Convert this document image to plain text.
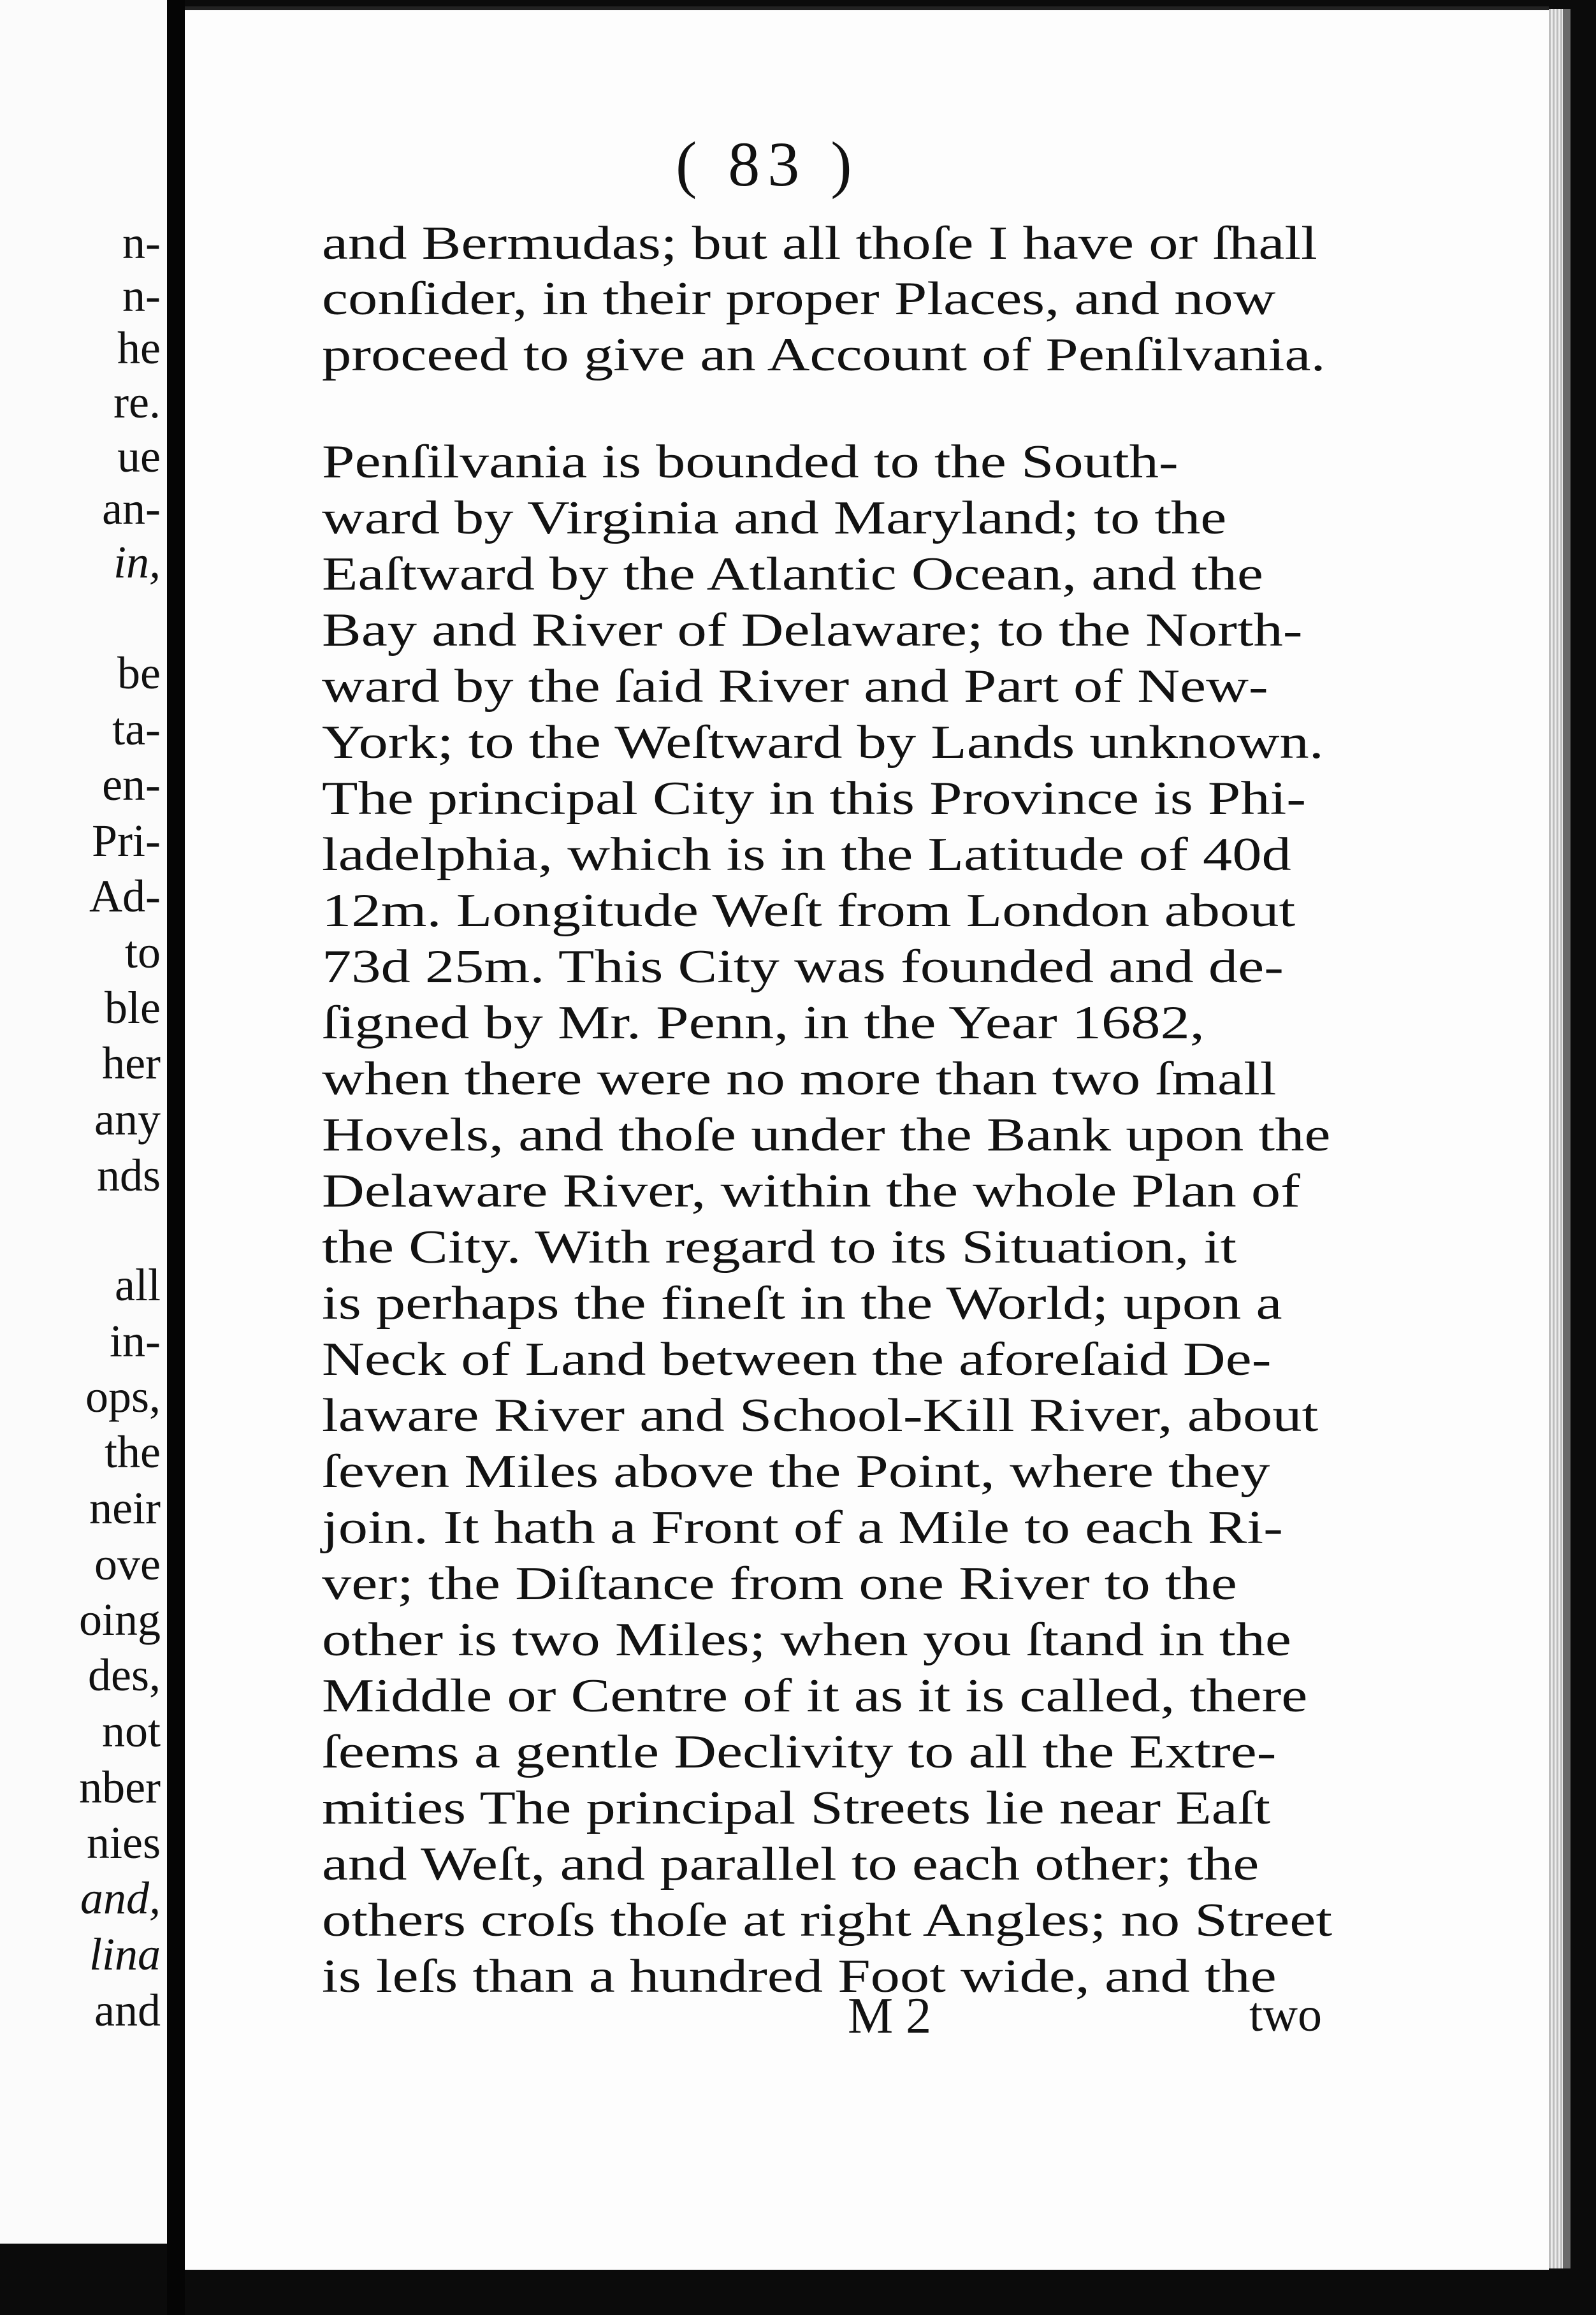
n-
n-
he
re.
ue
an-
in,
be
ta-
en-
Pri-
Ad-
to
ble
her
any
nds
all
in-
ops,
the
neir
ove
oing
des,
not
nber
nies
and,
lina
and
( 83 )
and Bermudas; but all thoſe I have or ſhall
conſider, in their proper Places, and now
proceed to give an Account of Penſilvania.
Penſilvania is bounded to the South-
ward by Virginia and Maryland; to the
Eaſtward by the Atlantic Ocean, and the
Bay and River of Delaware; to the North-
ward by the ſaid River and Part of New-
York; to the Weſtward by Lands unknown.
The principal City in this Province is Phi-
ladelphia, which is in the Latitude of 40d
12m. Longitude Weſt from London about
73d 25m. This City was founded and de-
ſigned by Mr. Penn, in the Year 1682,
when there were no more than two ſmall
Hovels, and thoſe under the Bank upon the
Delaware River, within the whole Plan of
the City. With regard to its Situation, it
is perhaps the fineſt in the World; upon a
Neck of Land between the aforeſaid De-
laware River and School-Kill River, about
ſeven Miles above the Point, where they
join. It hath a Front of a Mile to each Ri-
ver; the Diſtance from one River to the
other is two Miles; when you ſtand in the
Middle or Centre of it as it is called, there
ſeems a gentle Declivity to all the Extre-
mities The principal Streets lie near Eaſt
and Weſt, and parallel to each other; the
others croſs thoſe at right Angles; no Street
is leſs than a hundred Foot wide, and the
M 2	two
